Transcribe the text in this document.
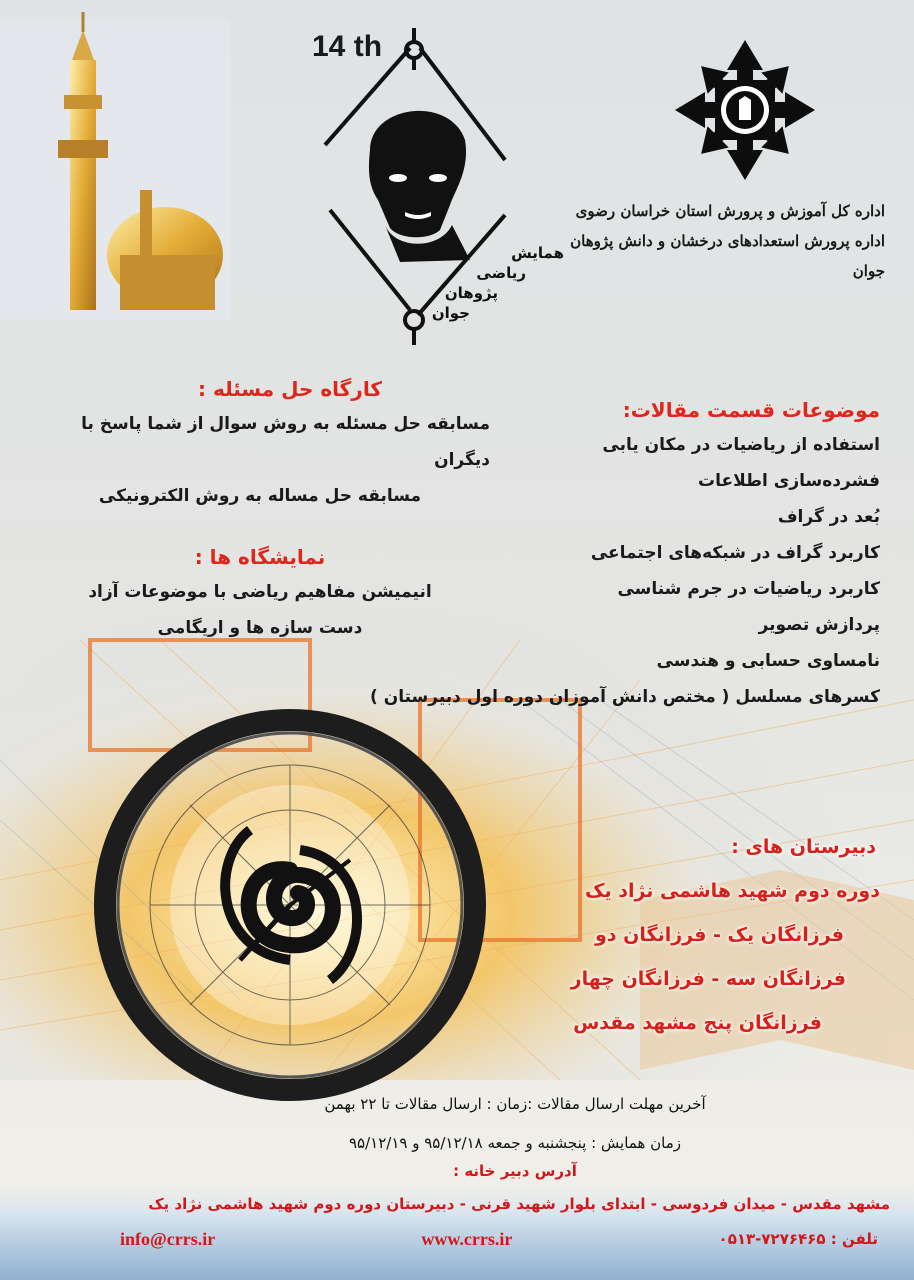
14 th
همایش
ریاضی
پژوهان
جوان
اداره کل آموزش و پرورش استان خراسان رضوی
اداره پرورش استعدادهای درخشان و دانش پژوهان جوان
موضوعات قسمت مقالات:
استفاده از ریاضیات در مکان یابی
فشرده‌سازی اطلاعات
بُعد در گراف
کاربرد گراف در شبکه‌های اجتماعی
کاربرد ریاضیات در جرم شناسی
پردازش تصویر
نامساوی حسابی و هندسی
کسرهای مسلسل ( مختص دانش آموزان دوره اول دبیرستان )
کارگاه حل مسئله :
مسابقه حل مسئله به روش سوال از شما پاسخ با دیگران
مسابقه حل مساله به روش الکترونیکی
نمایشگاه ها :
انیمیشن مفاهیم ریاضی با موضوعات آزاد
دست سازه ها و اریگامی
دبیرستان های :
دوره دوم شهید هاشمی نژاد یک
فرزانگان یک - فرزانگان دو
فرزانگان سه - فرزانگان چهار
فرزانگان پنج مشهد مقدس
آخرین مهلت ارسال مقالات :زمان : ارسال مقالات تا ۲۲ بهمن
زمان همایش : پنجشنبه و جمعه ۹۵/۱۲/۱۸ و ۹۵/۱۲/۱۹
آدرس دبیر خانه :
مشهد مقدس - میدان فردوسی - ابتدای بلوار شهید قرنی - دبیرستان دوره دوم شهید هاشمی نژاد یک
تلفن : ۷۲۷۶۴۶۵-۰۵۱۳
www.crrs.ir
info@crrs.ir
